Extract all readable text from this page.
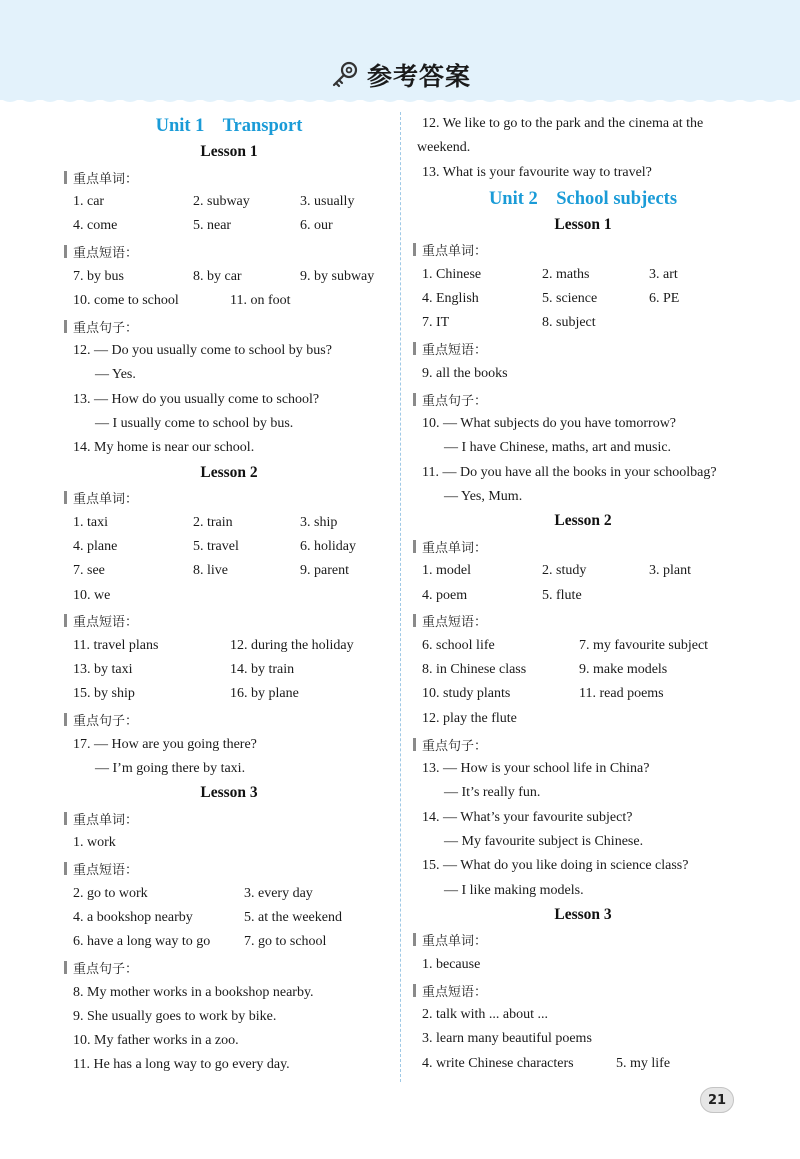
参考答案
Unit 1    Transport
Lesson 1
重点单词：
1. car	2. subway	3. usually
4. come	5. near	6. our
重点短语：
7. by bus	8. by car	9. by subway
10. come to school	11. on foot
重点句子：
12. — Do you usually come to school by bus?
— Yes.
13. — How do you usually come to school?
— I usually come to school by bus.
14. My home is near our school.
Lesson 2
重点单词：
1. taxi	2. train	3. ship
4. plane	5. travel	6. holiday
7. see	8. live	9. parent
10. we
重点短语：
11. travel plans	12. during the holiday
13. by taxi	14. by train
15. by ship	16. by plane
重点句子：
17. — How are you going there?
— I’m going there by taxi.
Lesson 3
重点单词：
1. work
重点短语：
2. go to work	3. every day
4. a bookshop nearby	5. at the weekend
6. have a long way to go	7. go to school
重点句子：
8. My mother works in a bookshop nearby.
9. She usually goes to work by bike.
10. My father works in a zoo.
11. He has a long way to go every day.
12. We like to go to the park and the cinema at the
weekend.
13. What is your favourite way to travel?
Unit 2    School subjects
Lesson 1
重点单词：
1. Chinese	2. maths	3. art
4. English	5. science	6. PE
7. IT	8. subject
重点短语：
9. all the books
重点句子：
10. — What subjects do you have tomorrow?
— I have Chinese, maths, art and music.
11. — Do you have all the books in your schoolbag?
— Yes, Mum.
Lesson 2
重点单词：
1. model	2. study	3. plant
4. poem	5. flute
重点短语：
6. school life	7. my favourite subject
8. in Chinese class	9. make models
10. study plants	11. read poems
12. play the flute
重点句子：
13. — How is your school life in China?
— It’s really fun.
14. — What’s your favourite subject?
— My favourite subject is Chinese.
15. — What do you like doing in science class?
— I like making models.
Lesson 3
重点单词：
1. because
重点短语：
2. talk with ... about ...
3. learn many beautiful poems
4. write Chinese characters	5. my life
21
